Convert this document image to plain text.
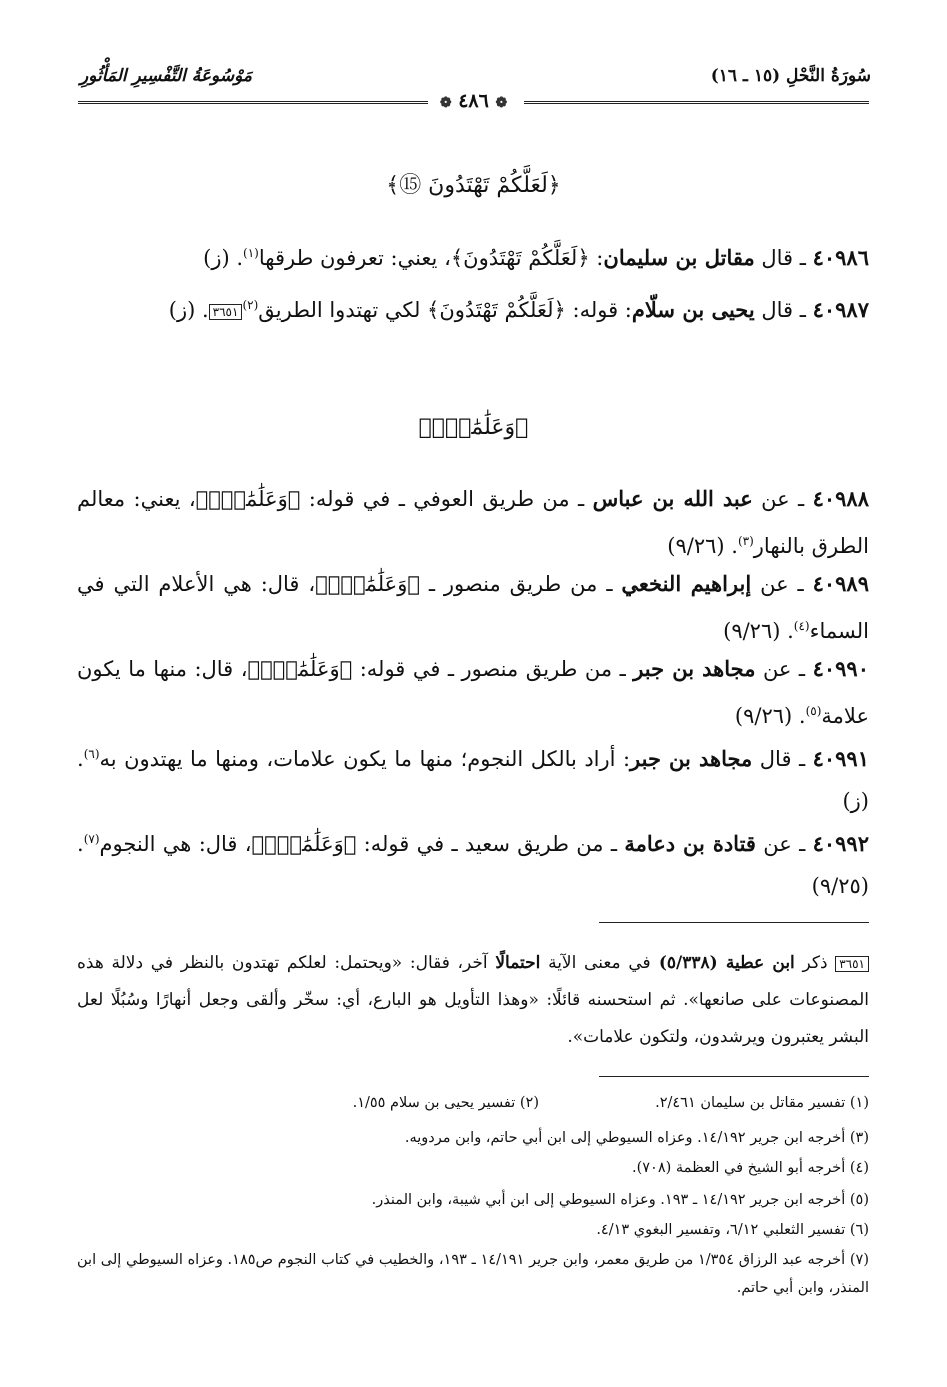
سُورَةُ النَّحْلِ (١٥ ـ ١٦)
مَوْسُوعَةُ التَّفْسِيرِ المَأْثُورِ
❁ ٤٨٦ ❁
﴿لَعَلَّكُمْ تَهْتَدُونَ ⑮﴾
٤٠٩٨٦ ـ قال مقاتل بن سليمان: ﴿لَعَلَّكُمْ تَهْتَدُونَ﴾، يعني: تعرفون طرقها$^{(١)}$. (ز)
٤٠٩٨٧ ـ قال يحيى بن سلّام: قوله: ﴿لَعَلَّكُمْ تَهْتَدُونَ﴾ لكي تهتدوا الطريق$^{(٢)}$٣٦٥١. (ز)
﴿وَعَلَٰمَٰتٍۚ﴾
٤٠٩٨٨ ـ عن عبد الله بن عباس ـ من طريق العوفي ـ في قوله: ﴿وَعَلَٰمَٰتٍۚ﴾، يعني: معالم الطرق بالنهار$^{(٣)}$. (٩/٢٦)
٤٠٩٨٩ ـ عن إبراهيم النخعي ـ من طريق منصور ـ ﴿وَعَلَٰمَٰتٍۚ﴾، قال: هي الأعلام التي في السماء$^{(٤)}$. (٩/٢٦)
٤٠٩٩٠ ـ عن مجاهد بن جبر ـ من طريق منصور ـ في قوله: ﴿وَعَلَٰمَٰتٍۚ﴾، قال: منها ما يكون علامة$^{(٥)}$. (٩/٢٦)
٤٠٩٩١ ـ قال مجاهد بن جبر: أراد بالكل النجوم؛ منها ما يكون علامات، ومنها ما يهتدون به$^{(٦)}$. (ز)
٤٠٩٩٢ ـ عن قتادة بن دعامة ـ من طريق سعيد ـ في قوله: ﴿وَعَلَٰمَٰتٍۚ﴾، قال: هي النجوم$^{(٧)}$. (٩/٢٥)
٣٦٥١ ذكر ابن عطية (٥/٣٣٨) في معنى الآية احتمالًا آخر، فقال: «ويحتمل: لعلكم تهتدون بالنظر في دلالة هذه المصنوعات على صانعها». ثم استحسنه قائلًا: «وهذا التأويل هو البارع، أي: سخّر وألقى وجعل أنهارًا وسُبُلًا لعل البشر يعتبرون ويرشدون، ولتكون علامات».
(١) تفسير مقاتل بن سليمان ٢/٤٦١.(٢) تفسير يحيى بن سلام ١/٥٥.
(٣) أخرجه ابن جرير ١٤/١٩٢. وعزاه السيوطي إلى ابن أبي حاتم، وابن مردويه.
(٤) أخرجه أبو الشيخ في العظمة (٧٠٨).
(٥) أخرجه ابن جرير ١٤/١٩٢ ـ ١٩٣. وعزاه السيوطي إلى ابن أبي شيبة، وابن المنذر.
(٦) تفسير الثعلبي ٦/١٢، وتفسير البغوي ٤/١٣.
(٧) أخرجه عبد الرزاق ١/٣٥٤ من طريق معمر، وابن جرير ١٤/١٩١ ـ ١٩٣، والخطيب في كتاب النجوم ص١٨٥. وعزاه السيوطي إلى ابن المنذر، وابن أبي حاتم.
